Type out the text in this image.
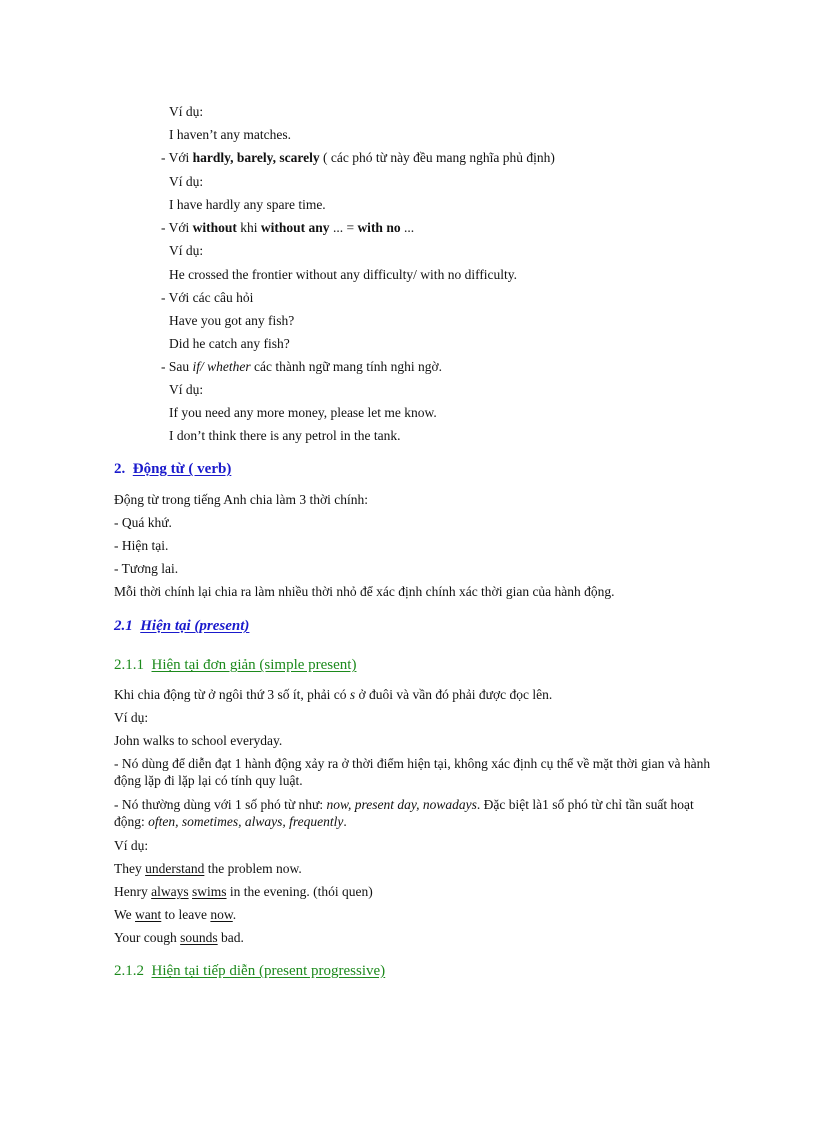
Ví dụ:
I haven’t any matches.
- Với hardly, barely, scarely ( các phó từ này đều mang nghĩa phủ định)
Ví dụ:
I have hardly any spare time.
- Với without khi without any ... = with no ...
Ví dụ:
He crossed the frontier without any difficulty/ with no difficulty.
- Với các câu hỏi
Have you got any fish?
Did he catch any fish?
- Sau if/ whether các thành ngữ mang tính nghi ngờ.
Ví dụ:
If you need any more money, please let me know.
I don’t think there is any petrol in the tank.
2. Động từ ( verb)
Động từ trong tiếng Anh chia làm 3 thời chính:
- Quá khứ.
- Hiện tại.
- Tương lai.
Mỗi thời chính lại chia ra làm nhiều thời nhỏ để xác định chính xác thời gian của hành động.
2.1 Hiện tại (present)
2.1.1 Hiện tại đơn giản (simple present)
Khi chia động từ ở ngôi thứ 3 số ít, phải có s ở đuôi và vần đó phải được đọc lên.
Ví dụ:
John walks to school everyday.
- Nó dùng để diễn đạt 1 hành động xảy ra ở thời điểm hiện tại, không xác định cụ thể về mặt thời gian và hành động lặp đi lặp lại có tính quy luật.
- Nó thường dùng với 1 số phó từ như: now, present day, nowadays. Đặc biệt là1 số phó từ chỉ tần suất hoạt động: often, sometimes, always, frequently.
Ví dụ:
They understand the problem now.
Henry always swims in the evening. (thói quen)
We want to leave now.
Your cough sounds bad.
2.1.2 Hiện tại tiếp diễn (present progressive)
